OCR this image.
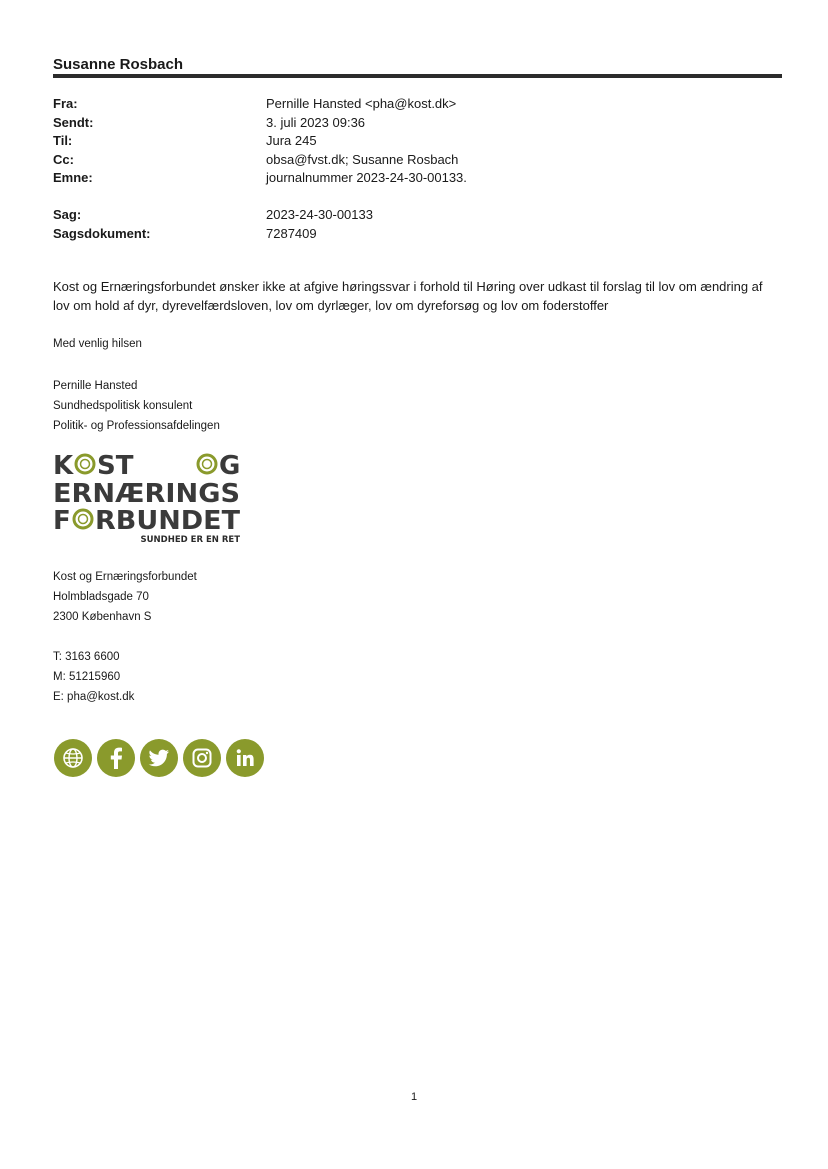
Susanne Rosbach
Fra:	Pernille Hansted <pha@kost.dk>
Sendt:	3. juli 2023 09:36
Til:	Jura 245
Cc:	obsa@fvst.dk; Susanne Rosbach
Emne:	journalnummer 2023-24-30-00133.
Sag:	2023-24-30-00133
Sagsdokument:	7287409
Kost og Ernæringsforbundet ønsker ikke at afgive høringssvar i forhold til Høring over udkast til forslag til lov om ændring af lov om hold af dyr, dyrevelfærdsloven, lov om dyrlæger, lov om dyreforsøg og lov om foderstoffer
Med venlig hilsen
Pernille Hansted
Sundhedspolitisk konsulent
Politik- og Professionsafdelingen
K ST	G
ERNÆRINGS
F RBUNDET
SUNDHED ER EN RET
Kost og Ernæringsforbundet
Holmbladsgade 70
2300 København S
T: 3163 6600
M: 51215960
E: pha@kost.dk
1
